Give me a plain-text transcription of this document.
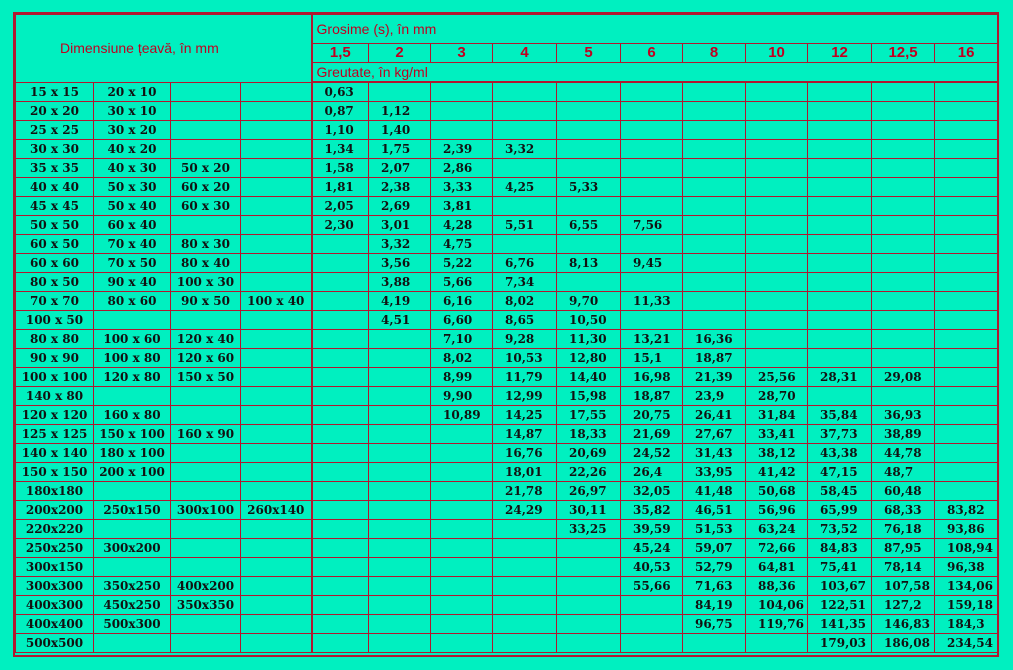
Dimensiune țeavă, în mm				Grosime (s), în mm										
				1,5	2	3	4	5	6	8	10	12	12,5	16
				Greutate, în kg/ml										
15 x 15	20 x 10			0,63										
20 x 20	30 x 10			0,87	1,12									
25 x 25	30 x 20			1,10	1,40									
30 x 30	40 x 20			1,34	1,75	2,39	3,32							
35 x 35	40 x 30	50 x 20		1,58	2,07	2,86								
40 x 40	50 x 30	60 x 20		1,81	2,38	3,33	4,25	5,33						
45 x 45	50 x 40	60 x 30		2,05	2,69	3,81								
50 x 50	60 x 40			2,30	3,01	4,28	5,51	6,55	7,56					
60 x 50	70 x 40	80 x 30			3,32	4,75								
60 x 60	70 x 50	80 x 40			3,56	5,22	6,76	8,13	9,45					
80 x 50	90 x 40	100 x 30			3,88	5,66	7,34							
70 x 70	80 x 60	90 x 50	100 x 40		4,19	6,16	8,02	9,70	11,33					
100 x 50					4,51	6,60	8,65	10,50						
80 x 80	100 x 60	120 x 40				7,10	9,28	11,30	13,21	16,36				
90 x 90	100 x 80	120 x 60				8,02	10,53	12,80	15,1	18,87				
100 x 100	120 x 80	150 x 50				8,99	11,79	14,40	16,98	21,39	25,56	28,31	29,08	
140 x 80						9,90	12,99	15,98	18,87	23,9	28,70			
120 x 120	160 x 80					10,89	14,25	17,55	20,75	26,41	31,84	35,84	36,93	
125 x 125	150 x 100	160 x 90					14,87	18,33	21,69	27,67	33,41	37,73	38,89	
140 x 140	180 x 100						16,76	20,69	24,52	31,43	38,12	43,38	44,78	
150 x 150	200 x 100						18,01	22,26	26,4	33,95	41,42	47,15	48,7	
180x180							21,78	26,97	32,05	41,48	50,68	58,45	60,48	
200x200	250x150	300x100	260x140				24,29	30,11	35,82	46,51	56,96	65,99	68,33	83,82
220x220								33,25	39,59	51,53	63,24	73,52	76,18	93,86
250x250	300x200								45,24	59,07	72,66	84,83	87,95	108,94
300x150									40,53	52,79	64,81	75,41	78,14	96,38
300x300	350x250	400x200							55,66	71,63	88,36	103,67	107,58	134,06
400x300	450x250	350x350								84,19	104,06	122,51	127,2	159,18
400x400	500x300									96,75	119,76	141,35	146,83	184,3
500x500												179,03	186,08	234,54
